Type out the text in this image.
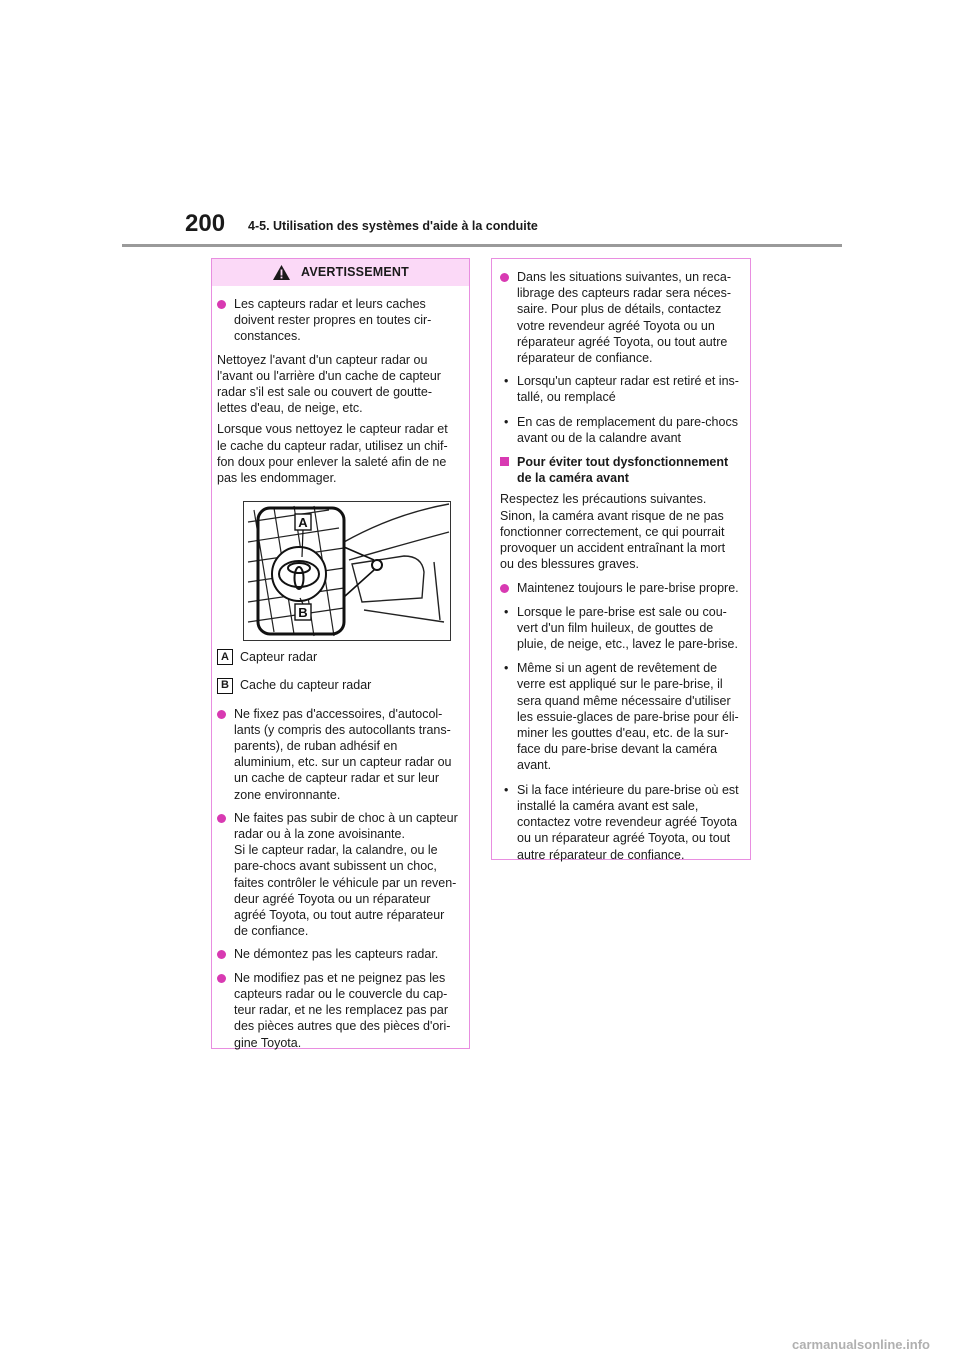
200 4-5. Utilisation des systèmes d'aide à la conduite
AVERTISSEMENT
Les capteurs radar et leurs caches doivent rester propres en toutes cir-constances.

Nettoyez l'avant d'un capteur radar ou l'avant ou l'arrière d'un cache de capteur radar s'il est sale ou couvert de goutte-lettes d'eau, de neige, etc.

Lorsque vous nettoyez le capteur radar et le cache du capteur radar, utilisez un chif-fon doux pour enlever la saleté afin de ne pas les endommager.

A
B
A Capteur radar
B Cache du capteur radar
Ne fixez pas d'accessoires, d'autocol-lants (y compris des autocollants trans-parents), de ruban adhésif en aluminium, etc. sur un capteur radar ou un cache de capteur radar et sur leur zone environnante.
Ne faites pas subir de choc à un capteur radar ou à la zone avoisinante.
Si le capteur radar, la calandre, ou le pare-chocs avant subissent un choc, faites contrôler le véhicule par un reven-deur agréé Toyota ou un réparateur agréé Toyota, ou tout autre réparateur de confiance.
Ne démontez pas les capteurs radar.
Ne modifiez pas et ne peignez pas les capteurs radar ou le couvercle du cap-teur radar, et ne les remplacez pas par des pièces autres que des pièces d'ori-gine Toyota.
Dans les situations suivantes, un reca-librage des capteurs radar sera néces-saire. Pour plus de détails, contactez votre revendeur agréé Toyota ou un réparateur agréé Toyota, ou tout autre réparateur de confiance.
• Lorsqu'un capteur radar est retiré et ins-tallé, ou remplacé
• En cas de remplacement du pare-chocs avant ou de la calandre avant
Pour éviter tout dysfonctionnement de la caméra avant

Respectez les précautions suivantes. Sinon, la caméra avant risque de ne pas fonctionner correctement, ce qui pourrait provoquer un accident entraînant la mort ou des blessures graves.

Maintenez toujours le pare-brise propre.
• Lorsque le pare-brise est sale ou cou-vert d'un film huileux, de gouttes de pluie, de neige, etc., lavez le pare-brise.
• Même si un agent de revêtement de verre est appliqué sur le pare-brise, il sera quand même nécessaire d'utiliser les essuie-glaces de pare-brise pour éli-miner les gouttes d'eau, etc. de la sur-face du pare-brise devant la caméra avant.
• Si la face intérieure du pare-brise où est installé la caméra avant est sale, contactez votre revendeur agréé Toyota ou un réparateur agréé Toyota, ou tout autre réparateur de confiance.
carmanualsonline.info
